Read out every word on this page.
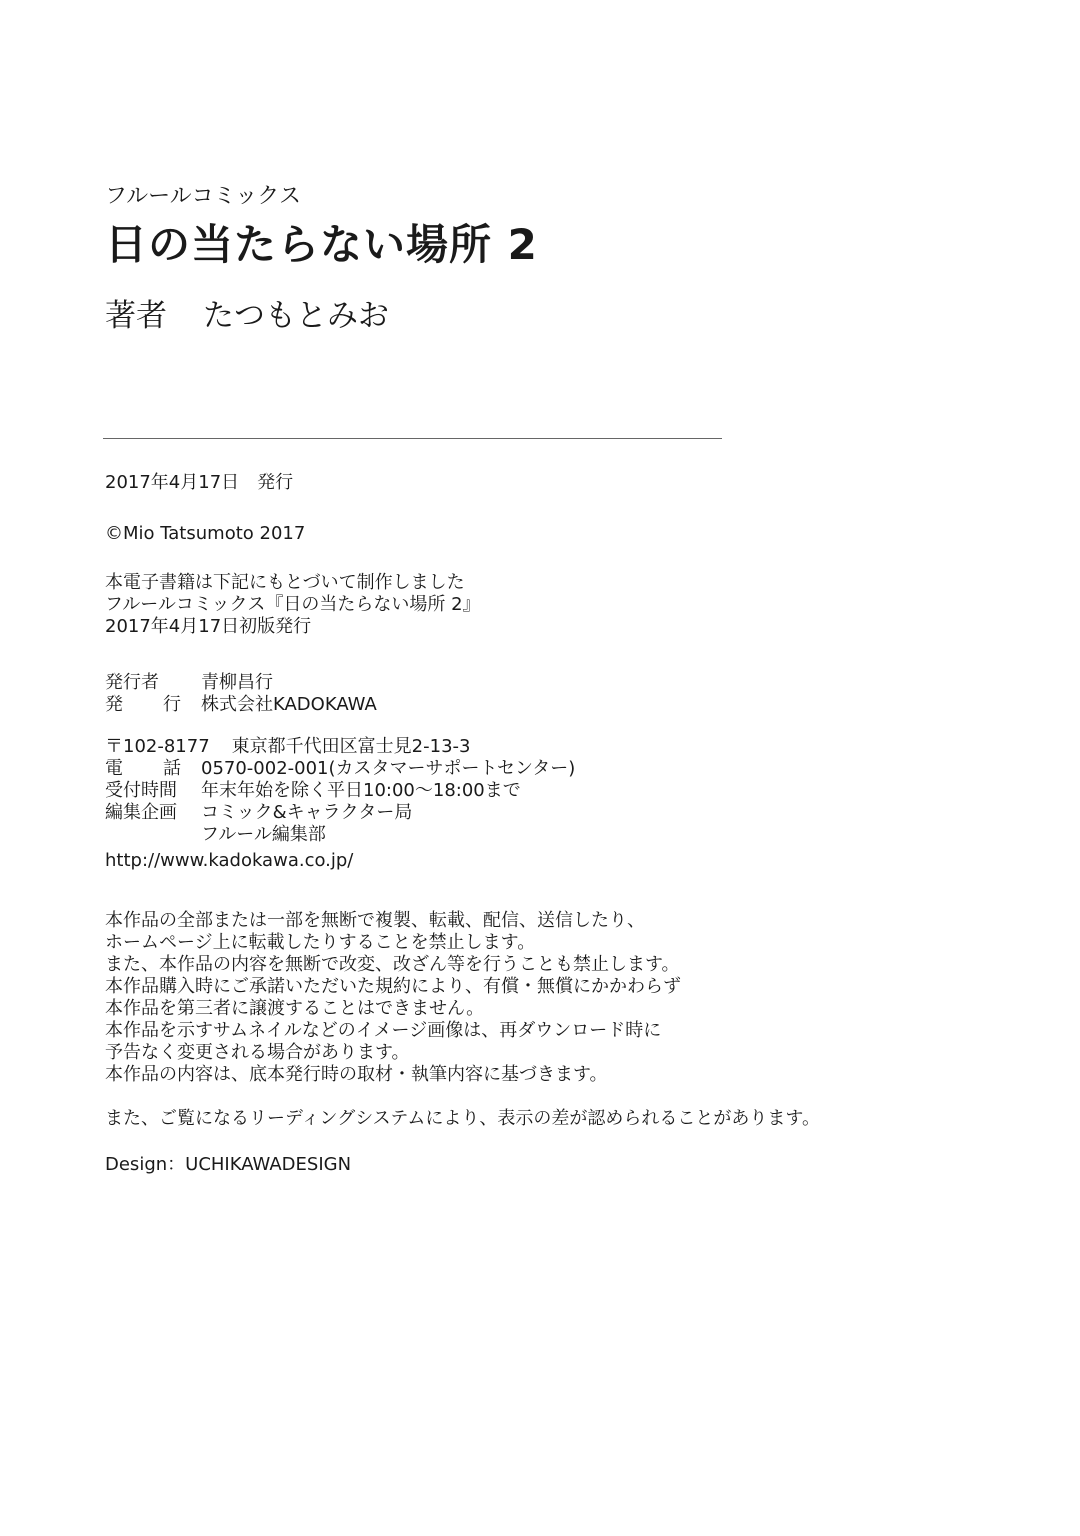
フルールコミックス
日の当たらない場所 2
著者 たつもとみお
2017年4月17日　発行
©Mio Tatsumoto 2017
本電子書籍は下記にもとづいて制作しました
フルールコミックス『日の当たらない場所 2』
2017年4月17日初版発行
発行者	青柳昌行
発 行 株式会社KADOKAWA
〒102-8177 東京都千代田区富士見2-13-3
電 話 0570-002-001(カスタマーサポートセンター)
受付時間	年末年始を除く平日10:00〜18:00まで
編集企画	コミック&キャラクター局
フルール編集部
http://www.kadokawa.co.jp/
本作品の全部または一部を無断で複製、転載、配信、送信したり、
ホームページ上に転載したりすることを禁止します。
また、本作品の内容を無断で改変、改ざん等を行うことも禁止します。
本作品購入時にご承諾いただいた規約により、有償・無償にかかわらず
本作品を第三者に譲渡することはできません。
本作品を示すサムネイルなどのイメージ画像は、再ダウンロード時に
予告なく変更される場合があります。
本作品の内容は、底本発行時の取材・執筆内容に基づきます。
また、ご覧になるリーディングシステムにより、表示の差が認められることがあります。
Design：UCHIKAWADESIGN
